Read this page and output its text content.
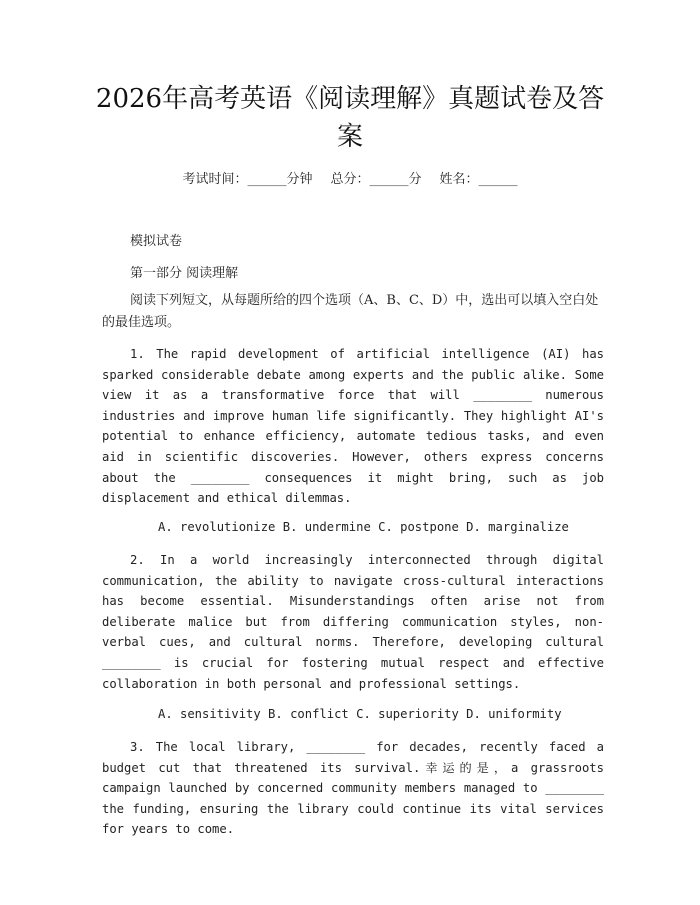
2026年高考英语《阅读理解》真题试卷及答案
考试时间：______分钟 总分：______分 姓名：______
模拟试卷
第一部分 阅读理解
阅读下列短文，从每题所给的四个选项（A、B、C、D）中，选出可以填入空白处的最佳选项。
1. The rapid development of artificial intelligence (AI) has sparked considerable debate among experts and the public alike. Some view it as a transformative force that will ________ numerous industries and improve human life significantly. They highlight AI's potential to enhance efficiency, automate tedious tasks, and even aid in scientific discoveries. However, others express concerns about the ________ consequences it might bring, such as job displacement and ethical dilemmas.
A. revolutionize B. undermine C. postpone D. marginalize
2. In a world increasingly interconnected through digital communication, the ability to navigate cross-cultural interactions has become essential. Misunderstandings often arise not from deliberate malice but from differing communication styles, non-verbal cues, and cultural norms. Therefore, developing cultural ________ is crucial for fostering mutual respect and effective collaboration in both personal and professional settings.
A. sensitivity B. conflict C. superiority D. uniformity
3. The local library, ________ for decades, recently faced a budget cut that threatened its survival.幸运的是，a grassroots campaign launched by concerned community members managed to ________ the funding, ensuring the library could continue its vital services for years to come.
